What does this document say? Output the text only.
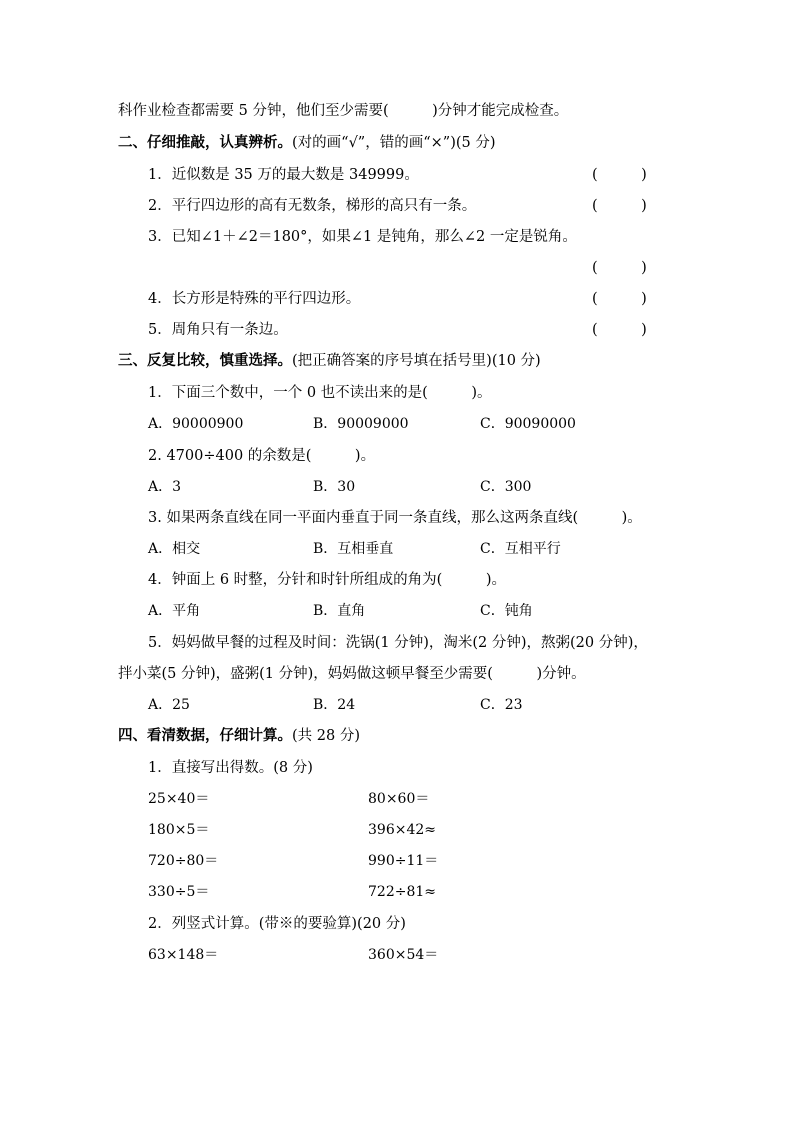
科作业检查都需要 5 分钟，他们至少需要(　　　)分钟才能完成检查。
二、仔细推敲，认真辨析。(对的画“√”，错的画“×”)(5 分)
1．近似数是 35 万的最大数是 349999。	(　　　)
2．平行四边形的高有无数条，梯形的高只有一条。	(　　　)
3．已知∠1＋∠2＝180°，如果∠1 是钝角，那么∠2 一定是锐角。
(　　　)
4．长方形是特殊的平行四边形。	(　　　)
5．周角只有一条边。	(　　　)
三、反复比较，慎重选择。(把正确答案的序号填在括号里)(10 分)
1．下面三个数中，一个 0 也不读出来的是(　　　)。
A．90000900	B．90009000	C．90090000
2. 4700÷400 的余数是(　　　)。
A．3	B．30	C．300
3. 如果两条直线在同一平面内垂直于同一条直线，那么这两条直线(　　　)。
A．相交	B．互相垂直	C．互相平行
4．钟面上 6 时整，分针和时针所组成的角为(　　　)。
A．平角	B．直角	C．钝角
5．妈妈做早餐的过程及时间：洗锅(1 分钟)，淘米(2 分钟)，熬粥(20 分钟)，
拌小菜(5 分钟)，盛粥(1 分钟)，妈妈做这顿早餐至少需要(　　　)分钟。
A．25	B．24	C．23
四、看清数据，仔细计算。(共 28 分)
1．直接写出得数。(8 分)
25×40＝	80×60＝
180×5＝	396×42≈
720÷80＝	990÷11＝
330÷5＝	722÷81≈
2．列竖式计算。(带※的要验算)(20 分)
63×148＝	360×54＝
